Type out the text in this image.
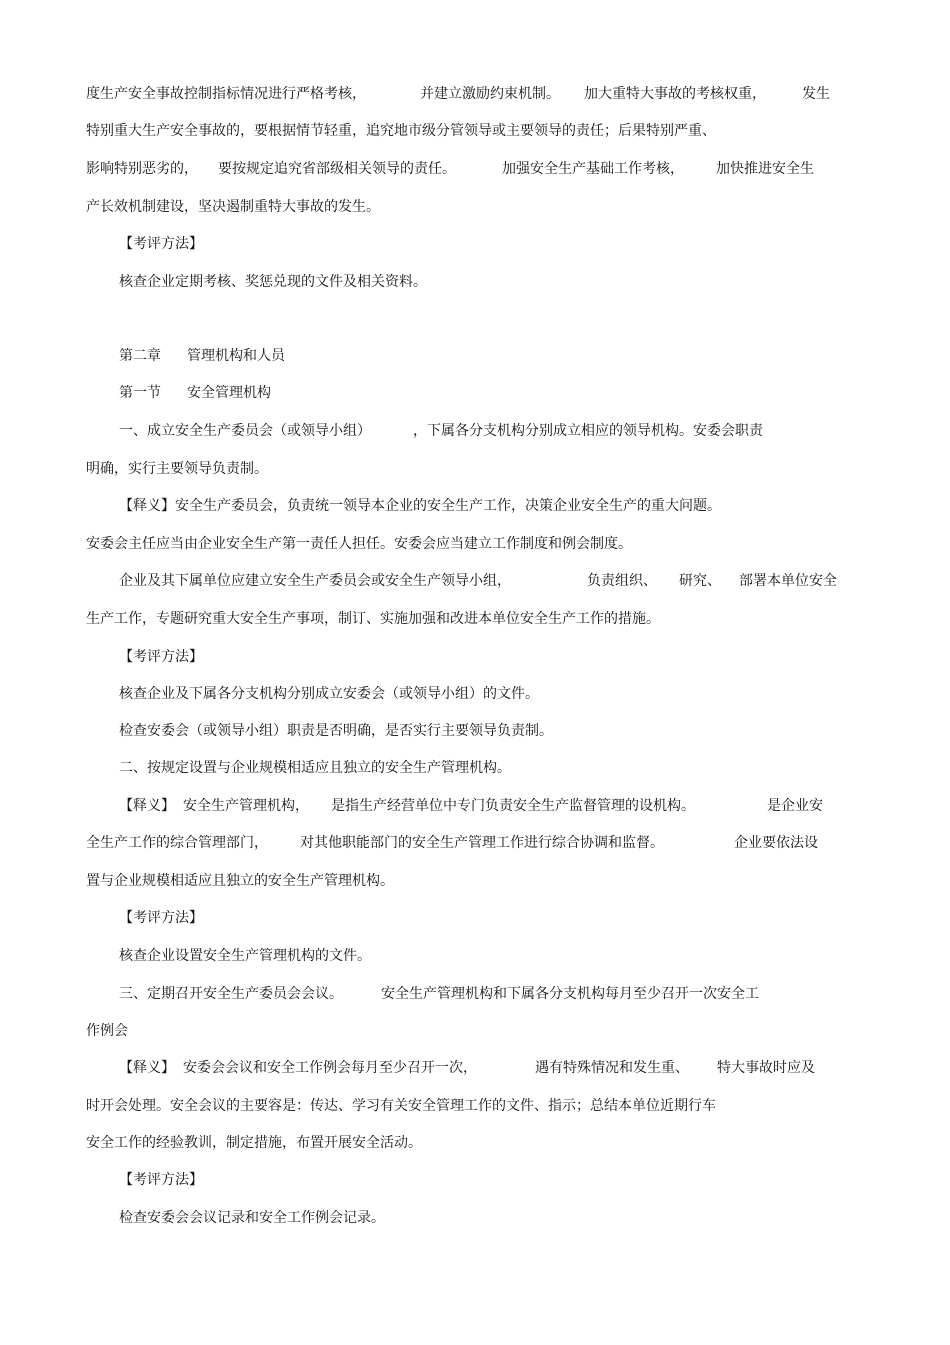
度生产安全事故控制指标情况进行严格考核，

	并建立激励约束机制。

加大重特大事故的考核权重，

	发生

特别重大生产安全事故的，要根据情节轻重，追究地市级分管领导或主要领导的责任；后果特别严重、

影响特别恶劣的，

要按规定追究省部级相关领导的责任。

	加强安全生产基础工作考核，

加快推进安全生

产长效机制建设，坚决遏制重特大事故的发生。

【考评方法】

核查企业定期考核、奖惩兑现的文件及相关资料。

第二章

管理机构和人员

第一节

安全管理机构

一、成立安全生产委员会（或领导小组）

	，下属各分支机构分别成立相应的领导机构。安委会职责

明确，实行主要领导负责制。

【释义】安全生产委员会，负责统一领导本企业的安全生产工作，决策企业安全生产的重大问题。

安委会主任应当由企业安全生产第一责任人担任。安委会应当建立工作制度和例会制度。

企业及其下属单位应建立安全生产委员会或安全生产领导小组，

	负责组织、

研究、

部署本单位安全

生产工作，专题研究重大安全生产事项，制订、实施加强和改进本单位安全生产工作的措施。

【考评方法】

核查企业及下属各分支机构分别成立安委会（或领导小组）的文件。

检查安委会（或领导小组）职责是否明确，是否实行主要领导负责制。

二、按规定设置与企业规模相适应且独立的安全生产管理机构。

【释义】

安全生产管理机构，

是指生产经营单位中专门负责安全生产监督管理的设机构。

	是企业安

全生产工作的综合管理部门，

对其他职能部门的安全生产管理工作进行综合协调和监督。

	企业要依法设

置与企业规模相适应且独立的安全生产管理机构。

【考评方法】

核查企业设置安全生产管理机构的文件。

三、定期召开安全生产委员会会议。

	安全生产管理机构和下属各分支机构每月至少召开一次安全工

作例会

【释义】

安委会会议和安全工作例会每月至少召开一次，

	遇有特殊情况和发生重、

特大事故时应及

时开会处理。安全会议的主要容是：传达、学习有关安全管理工作的文件、指示；总结本单位近期行车

安全工作的经验教训，制定措施，布置开展安全活动。

【考评方法】

检查安委会会议记录和安全工作例会记录。
